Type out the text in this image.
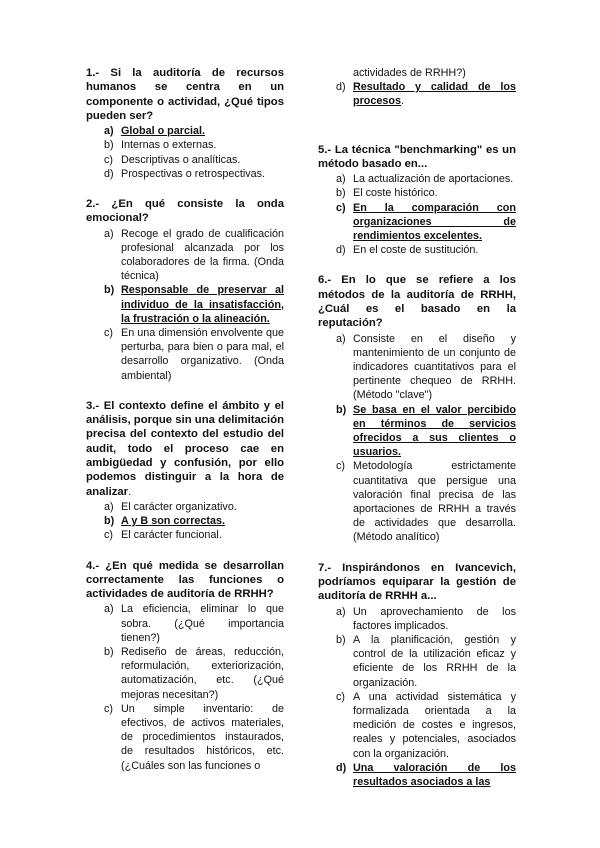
1.- Si la auditoría de recursos humanos se centra en un componente o actividad, ¿Qué tipos pueden ser?

a) Global o parcial.
b) Internas o externas.
c) Descriptivas o analíticas.
d) Prospectivas o retrospectivas.

2.- ¿En qué consiste la onda emocional?

a) Recoge el grado de cualificación profesional alcanzada por los colaboradores de la firma. (Onda técnica)
b) Responsable de preservar al individuo de la insatisfacción, la frustración o la alineación.
c) En una dimensión envolvente que perturba, para bien o para mal, el desarrollo organizativo. (Onda ambiental)

3.- El contexto define el ámbito y el análisis, porque sin una delimitación precisa del contexto del estudio del audit, todo el proceso cae en ambigüedad y confusión, por ello podemos distinguir a la hora de analizar.

a) El carácter organizativo.
b) A y B son correctas.
c) El carácter funcional.

4.- ¿En qué medida se desarrollan correctamente las funciones o actividades de auditoría de RRHH?

a) La eficiencia, eliminar lo que sobra. (¿Qué importancia tienen?)
b) Rediseño de áreas, reducción, reformulación, exteriorización, automatización, etc. (¿Qué mejoras necesitan?)
c) Un simple inventario: de efectivos, de activos materiales, de procedimientos instaurados, de resultados históricos, etc. (¿Cuáles son las funciones o
actividades de RRHH?)
d) Resultado y calidad de los procesos.

5.- La técnica "benchmarking" es un método basado en...

a) La actualización de aportaciones.
b) El coste histórico.
c) En la comparación con organizaciones de rendimientos excelentes.
d) En el coste de sustitución.

6.- En lo que se refiere a los métodos de la auditoría de RRHH, ¿Cuál es el basado en la reputación?

a) Consiste en el diseño y mantenimiento de un conjunto de indicadores cuantitativos para el pertinente chequeo de RRHH. (Método "clave")
b) Se basa en el valor percibido en términos de servicios ofrecidos a sus clientes o usuarios.
c) Metodología estrictamente cuantitativa que persigue una valoración final precisa de las aportaciones de RRHH a través de actividades que desarrolla. (Método analítico)

7.- Inspirándonos en Ivancevich, podríamos equiparar la gestión de auditoría de RRHH a...

a) Un aprovechamiento de los factores implicados.
b) A la planificación, gestión y control de la utilización eficaz y eficiente de los RRHH de la organización.
c) A una actividad sistemática y formalizada orientada a la medición de costes e ingresos, reales y potenciales, asociados con la organización.
d) Una valoración de los resultados asociados a las
